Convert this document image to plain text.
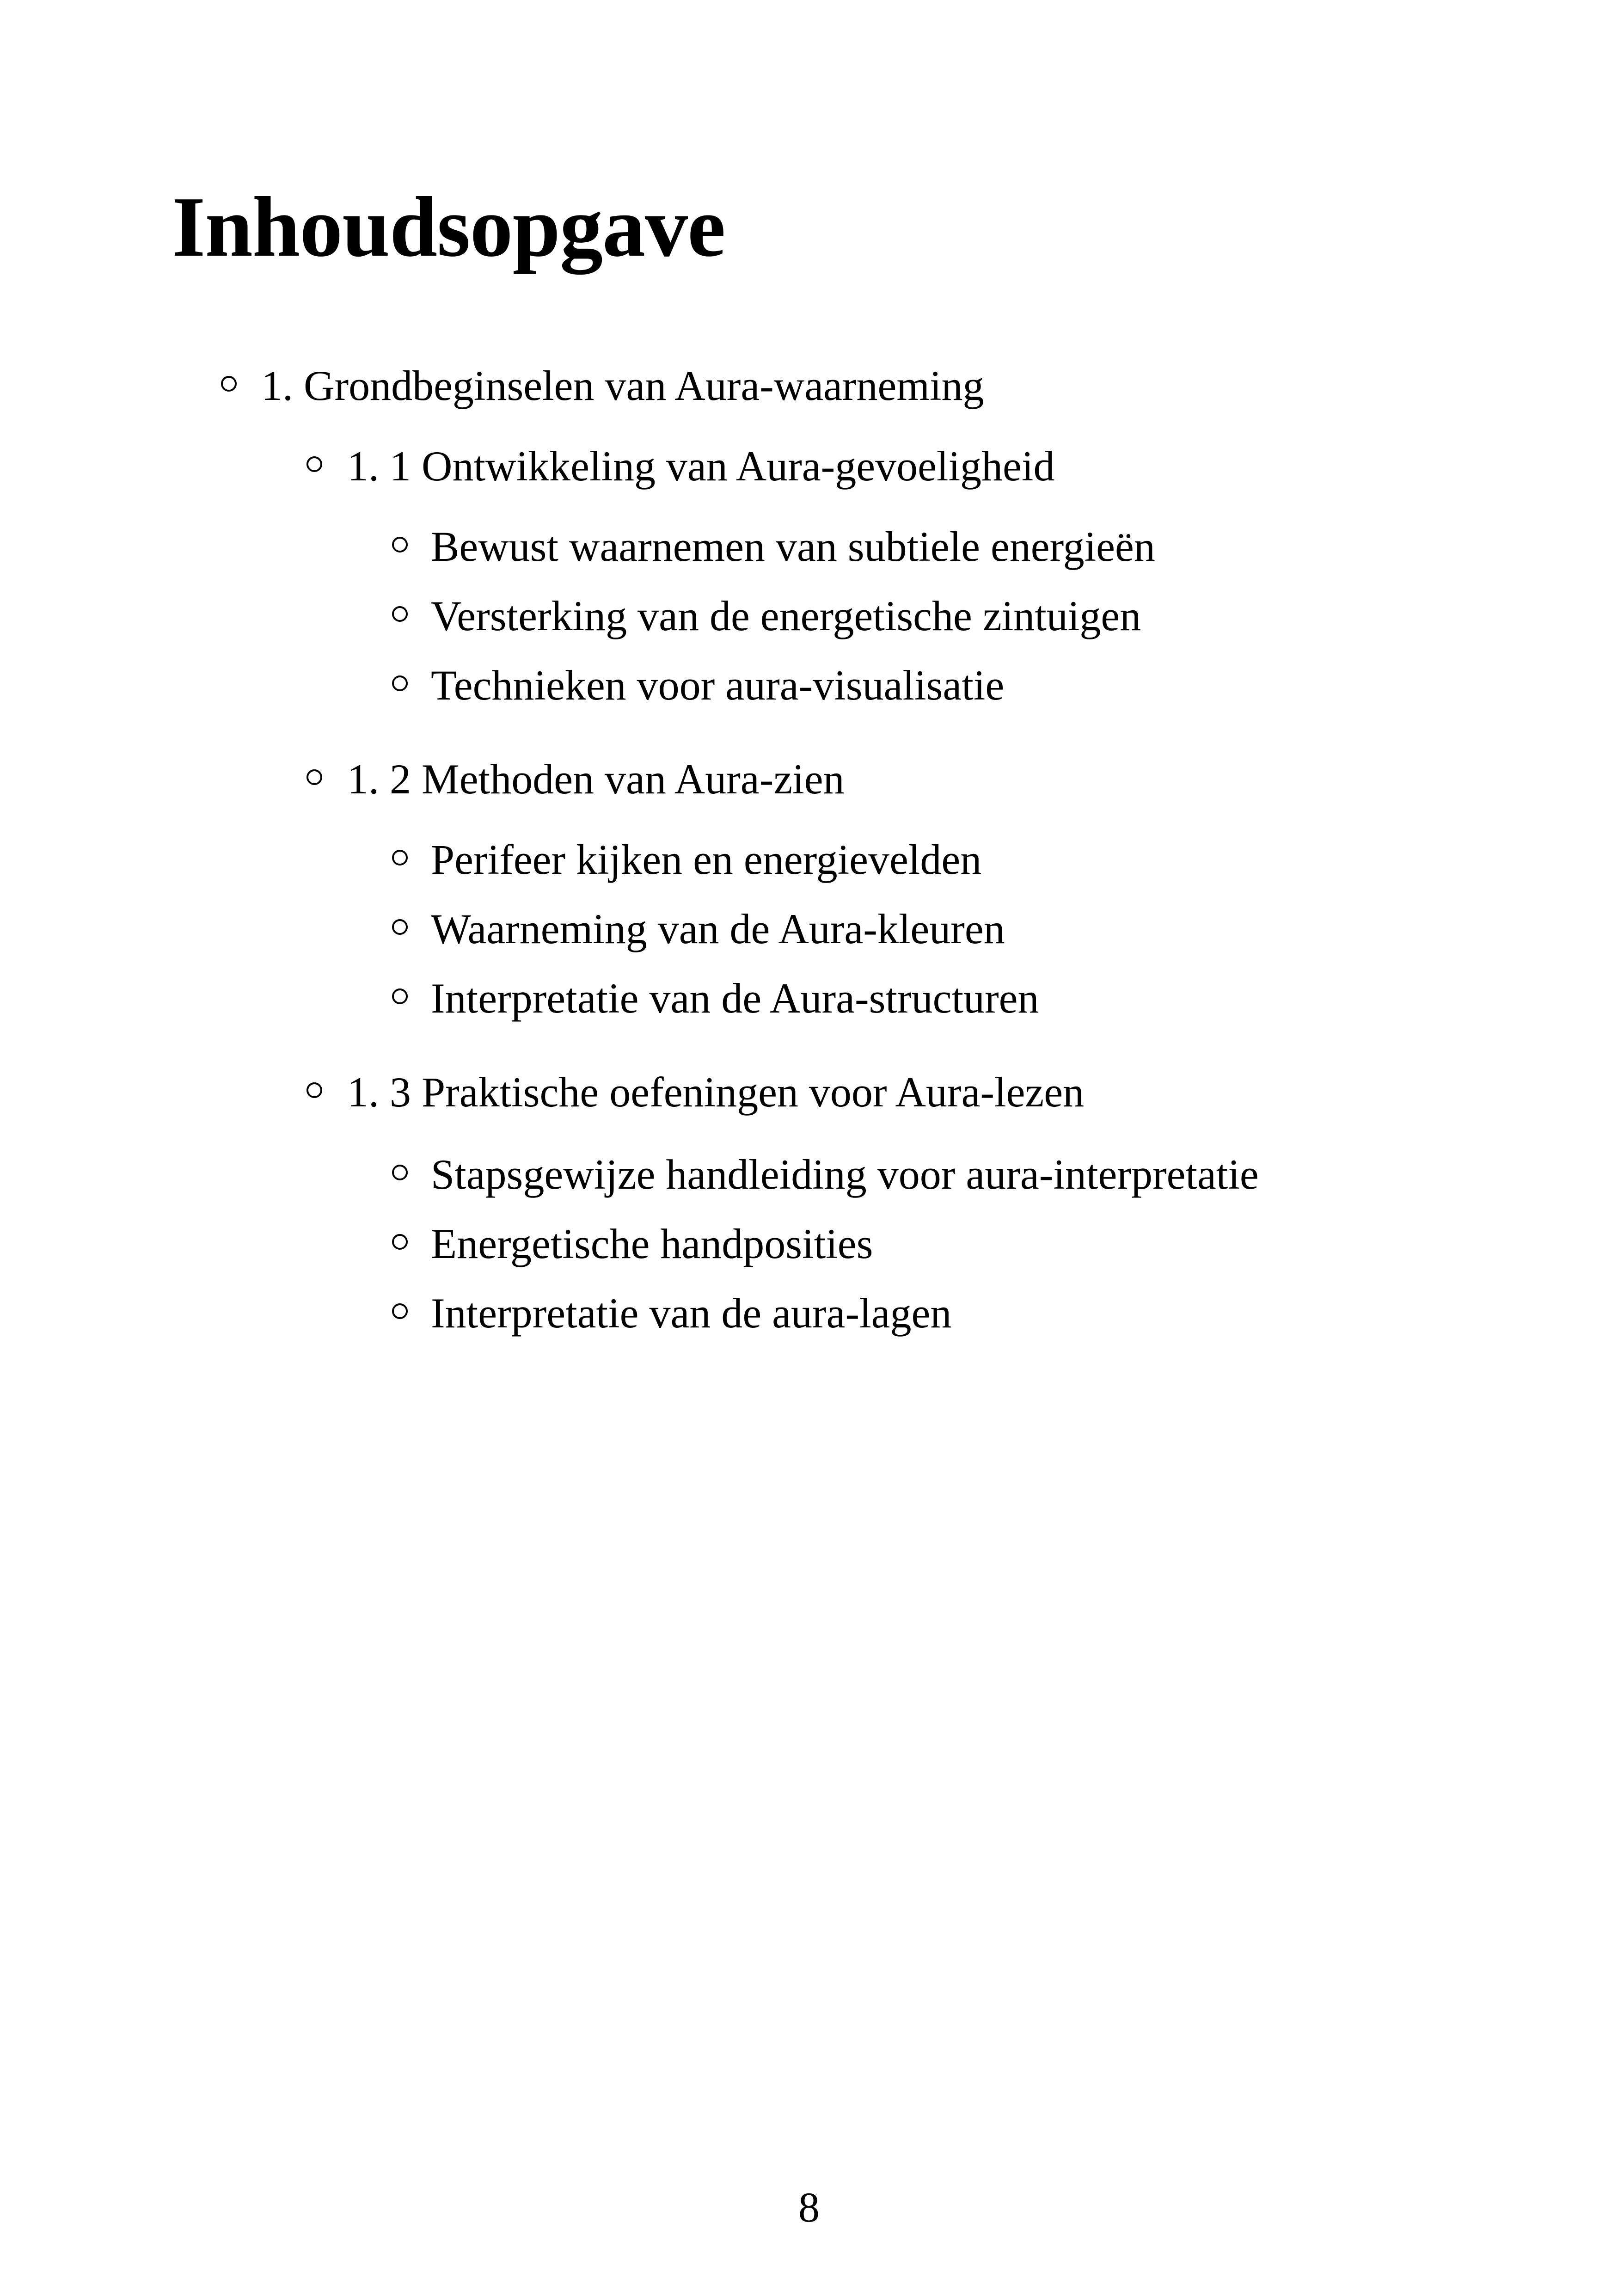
Inhoudsopgave
1. Grondbeginselen van Aura-waarneming
1. 1 Ontwikkeling van Aura-gevoeligheid
Bewust waarnemen van subtiele energieën
Versterking van de energetische zintuigen
Technieken voor aura-visualisatie
1. 2 Methoden van Aura-zien
Perifeer kijken en energievelden
Waarneming van de Aura-kleuren
Interpretatie van de Aura-structuren
1. 3 Praktische oefeningen voor Aura-lezen
Stapsgewijze handleiding voor aura-interpretatie
Energetische handposities
Interpretatie van de aura-lagen
8
